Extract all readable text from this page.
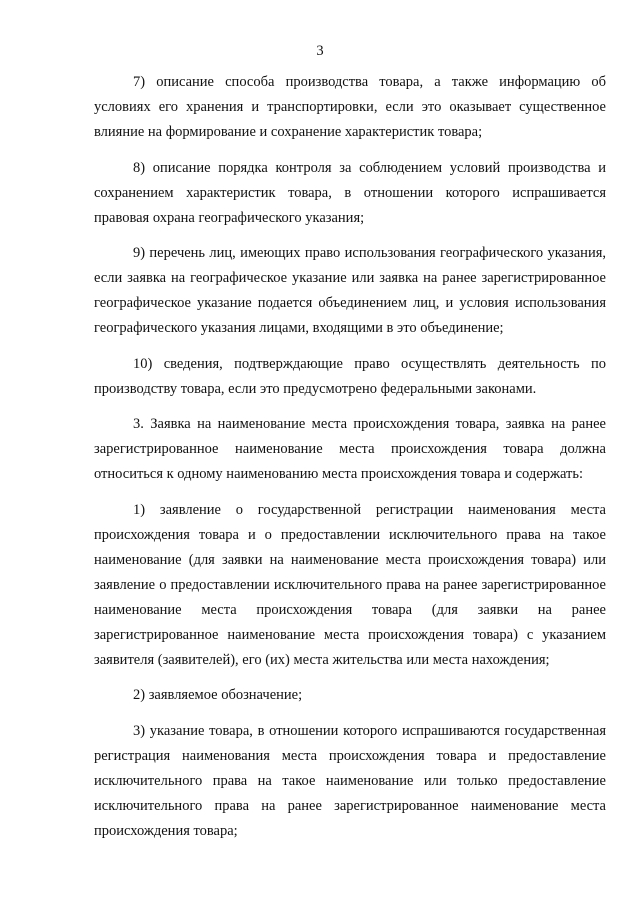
3

7) описание способа производства товара, а также информацию об условиях его хранения и транспортировки, если это оказывает существенное влияние на формирование и сохранение характеристик товара;

8) описание порядка контроля за соблюдением условий производства и сохранением характеристик товара, в отношении которого испрашивается правовая охрана географического указания;

9) перечень лиц, имеющих право использования географического указания, если заявка на географическое указание или заявка на ранее зарегистрированное географическое указание подается объединением лиц, и условия использования географического указания лицами, входящими в это объединение;

10) сведения, подтверждающие право осуществлять деятельность по производству товара, если это предусмотрено федеральными законами.

3. Заявка на наименование места происхождения товара, заявка на ранее зарегистрированное наименование места происхождения товара должна относиться к одному наименованию места происхождения товара и содержать:

1) заявление о государственной регистрации наименования места происхождения товара и о предоставлении исключительного права на такое наименование (для заявки на наименование места происхождения товара) или заявление о предоставлении исключительного права на ранее зарегистрированное наименование места происхождения товара (для заявки на ранее зарегистрированное наименование места происхождения товара) с указанием заявителя (заявителей), его (их) места жительства или места нахождения;

2) заявляемое обозначение;

3) указание товара, в отношении которого испрашиваются государственная регистрация наименования места происхождения товара и предоставление исключительного права на такое наименование или только предоставление исключительного права на ранее зарегистрированное наименование места происхождения товара;
